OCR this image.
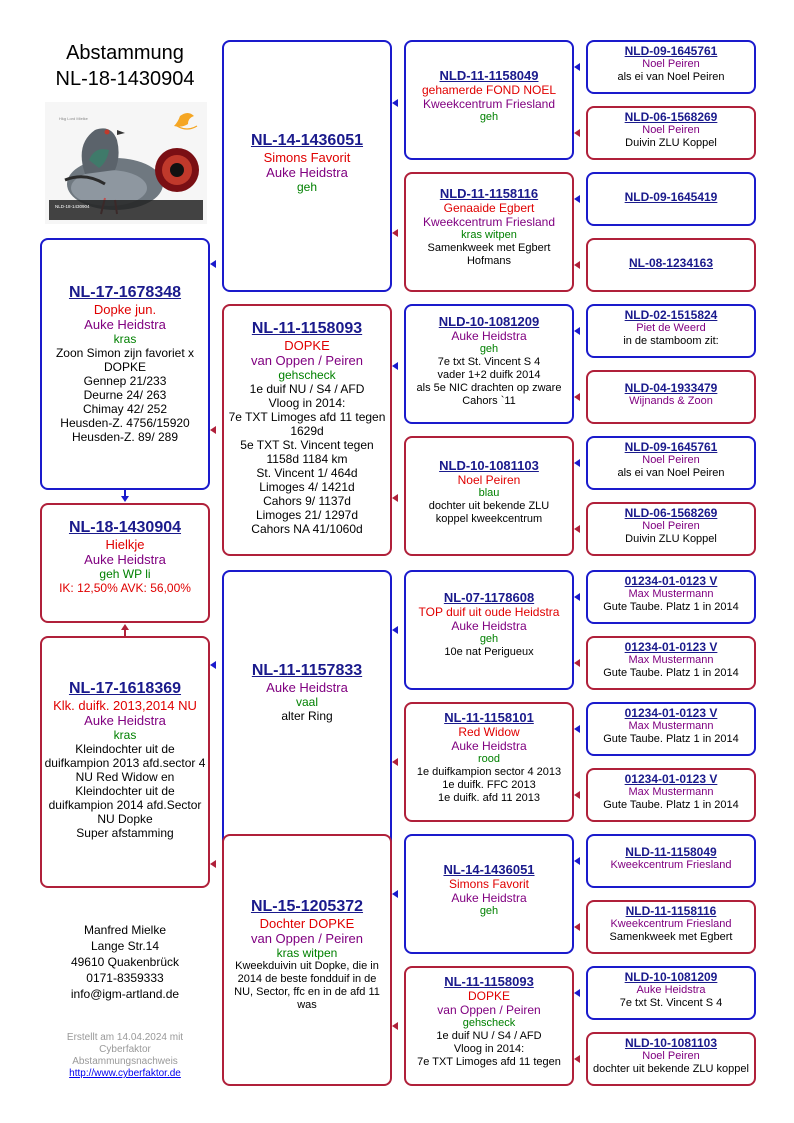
Abstammung
NL-18-1430904
Hkg Lord Mielke
NLD-18-1430904
NL-17-1678348
Dopke jun.
Auke Heidstra
kras
Zoon Simon zijn favoriet x
DOPKE
Gennep 21/233
Deurne 24/ 263
Chimay 42/ 252
Heusden-Z. 4756/15920
Heusden-Z. 89/ 289
NL-18-1430904
Hielkje
Auke Heidstra
geh WP li
IK: 12,50% AVK: 56,00%
NL-17-1618369
Klk. duifk. 2013,2014 NU
Auke Heidstra
kras
Kleindochter uit de
duifkampion 2013 afd.sector 4
NU Red Widow en
Kleindochter uit de
duifkampion 2014 afd.Sector
NU Dopke
Super afstamming
NL-14-1436051
Simons Favorit
Auke Heidstra
geh
NL-11-1158093
DOPKE
van Oppen / Peiren
gehscheck
1e duif NU / S4 / AFD
Vloog in 2014:
7e TXT Limoges afd 11 tegen
1629d
5e TXT St. Vincent tegen
1158d 1184 km
St. Vincent 1/ 464d
Limoges 4/ 1421d
Cahors 9/ 1137d
Limoges 21/ 1297d
Cahors NA 41/1060d
NL-11-1157833
Auke Heidstra
vaal
alter Ring
NL-15-1205372
Dochter DOPKE
van Oppen / Peiren
kras witpen
Kweekduivin uit Dopke, die in
2014 de beste fondduif in de
NU, Sector, ffc en in de afd 11
was
NLD-11-1158049
gehamerde FOND NOEL
Kweekcentrum Friesland
geh
NLD-11-1158116
Genaaide Egbert
Kweekcentrum Friesland
kras witpen
Samenkweek met Egbert
Hofmans
NLD-10-1081209
Auke Heidstra
geh
7e txt St. Vincent S 4
vader 1+2 duifk 2014
als 5e NIC drachten op zware
Cahors `11
NLD-10-1081103
Noel Peiren
blau
dochter uit bekende ZLU
koppel kweekcentrum
NL-07-1178608
TOP duif uit oude Heidstra
Auke Heidstra
geh
10e nat Perigueux
NL-11-1158101
Red Widow
Auke Heidstra
rood
1e duifkampion sector 4 2013
1e duifk. FFC 2013
1e duifk. afd 11 2013
NL-14-1436051
Simons Favorit
Auke Heidstra
geh
NL-11-1158093
DOPKE
van Oppen / Peiren
gehscheck
1e duif NU / S4 / AFD
Vloog in 2014:
7e TXT Limoges afd 11 tegen
NLD-09-1645761
Noel Peiren
als ei van Noel Peiren
NLD-06-1568269
Noel Peiren
Duivin ZLU Koppel
NLD-09-1645419
NL-08-1234163
NLD-02-1515824
Piet de Weerd
in de stamboom zit:
NLD-04-1933479
Wijnands & Zoon
NLD-09-1645761
Noel Peiren
als ei van Noel Peiren
NLD-06-1568269
Noel Peiren
Duivin ZLU Koppel
01234-01-0123 V
Max Mustermann
Gute Taube. Platz 1 in 2014
01234-01-0123 V
Max Mustermann
Gute Taube. Platz 1 in 2014
01234-01-0123 V
Max Mustermann
Gute Taube. Platz 1 in 2014
01234-01-0123 V
Max Mustermann
Gute Taube. Platz 1 in 2014
NLD-11-1158049
Kweekcentrum Friesland
NLD-11-1158116
Kweekcentrum Friesland
Samenkweek met Egbert
NLD-10-1081209
Auke Heidstra
7e txt St. Vincent S 4
NLD-10-1081103
Noel Peiren
dochter uit bekende ZLU koppel
Manfred Mielke
Lange Str.14
49610 Quakenbrück
0171-8359333
info@igm-artland.de
Erstellt am 14.04.2024 mit
Cyberfaktor
Abstammungsnachweis
http://www.cyberfaktor.de
